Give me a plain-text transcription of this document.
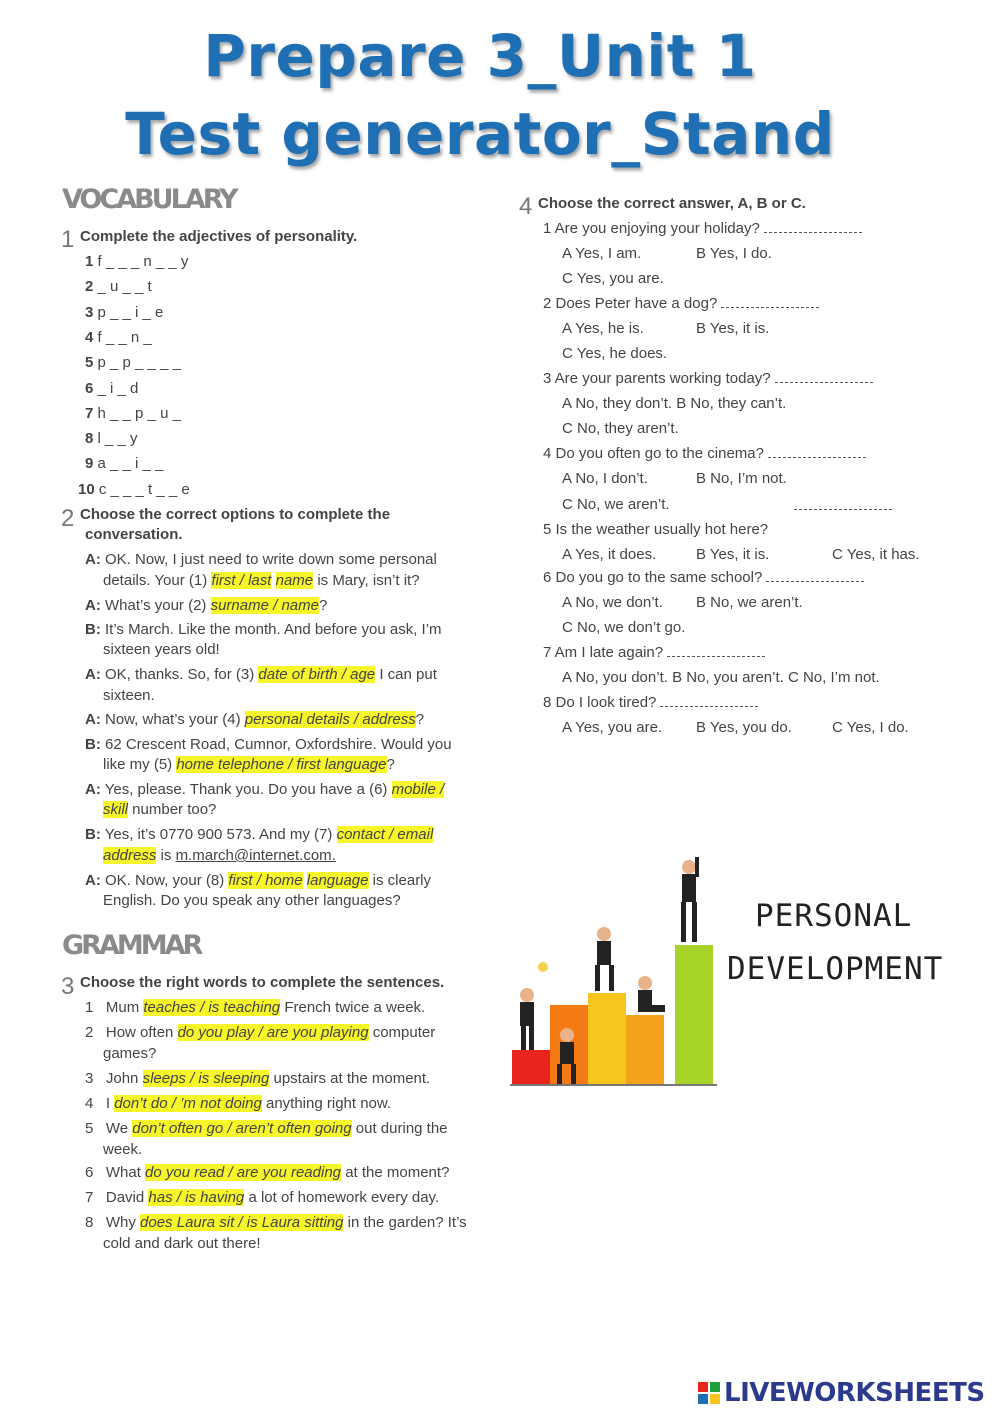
Prepare 3_Unit 1
Test generator_Stand
VOCABULARY
1 Complete the adjectives of personality.
1 f _ _ _ n _ _ y
2 _ u _ _ t
3 p _ _ i _ e
4 f _ _ n _
5 p _ p _ _ _ _
6 _ i _ d
7 h _ _ p _ u _
8 l _ _ y
9 a _ _ i _ _
10 c _ _ _ t _ _ e
2 Choose the correct options to complete the
conversation.
A: OK. Now, I just need to write down some personal
details. Your (1) first / last name is Mary, isn’t it?
A: What’s your (2) surname / name?
B: It’s March. Like the month. And before you ask, I’m
sixteen years old!
A: OK, thanks. So, for (3) date of birth / age I can put
sixteen.
A: Now, what’s your (4) personal details / address?
B: 62 Crescent Road, Cumnor, Oxfordshire. Would you
like my (5) home telephone / first language?
A: Yes, please. Thank you. Do you have a (6) mobile /
skill number too?
B: Yes, it’s 0770 900 573. And my (7) contact / email
address is m.march@internet.com.
A: OK. Now, your (8) first / home language is clearly
English. Do you speak any other languages?
GRAMMAR
3 Choose the right words to complete the sentences.
1 Mum teaches / is teaching French twice a week.
2 How often do you play / are you playing computer
games?
3 John sleeps / is sleeping upstairs at the moment.
4 I don’t do / ’m not doing anything right now.
5 We don’t often go / aren’t often going out during the
week.
6 What do you read / are you reading at the moment?
7 David has / is having a lot of homework every day.
8 Why does Laura sit / is Laura sitting in the garden? It’s
cold and dark out there!
4 Choose the correct answer, A, B or C.
1 Are you enjoying your holiday?
A Yes, I am.	B Yes, I do.
C Yes, you are.
2 Does Peter have a dog?
A Yes, he is.	B Yes, it is.
C Yes, he does.
3 Are your parents working today?
A No, they don’t. B No, they can’t.
C No, they aren’t.
4 Do you often go to the cinema?
A No, I don’t.	B No, I’m not.
C No, we aren’t.
5 Is the weather usually hot here?
A Yes, it does.	B Yes, it is.	C Yes, it has.
6 Do you go to the same school?
A No, we don’t. B No, we aren’t.
C No, we don’t go.
7 Am I late again?
A No, you don’t. B No, you aren’t. C No, I’m not.
8 Do I look tired?
A Yes, you are. B Yes, you do.	C Yes, I do.
PERSONAL
DEVELOPMENT
LIVEWORKSHEETS
